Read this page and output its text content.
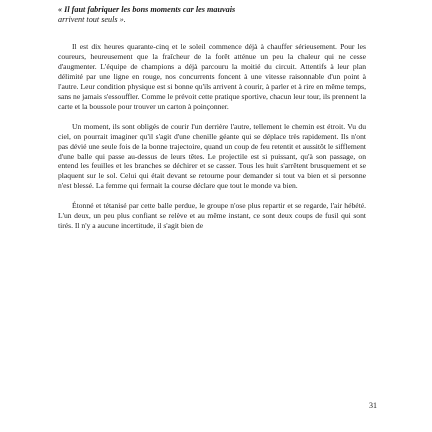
« Il faut fabriquer les bons moments car les mauvais

arrivent tout seuls ».

Il est dix heures quarante-cinq et le soleil commence déjà à chauffer sérieusement. Pour les coureurs, heureusement que la fraîcheur de la forêt atténue un peu la chaleur qui ne cesse d'augmenter. L'équipe de champions a déjà parcouru la moitié du circuit. Attentifs à leur plan délimité par une ligne en rouge, nos concurrents foncent à une vitesse raisonnable d'un point à l'autre. Leur condition physique est si bonne qu'ils arrivent à courir, à parler et à rire en même temps, sans ne jamais s'essouffler. Comme le prévoit cette pratique sportive, chacun leur tour, ils prennent la carte et la boussole pour trouver un carton à poinçonner.

Un moment, ils sont obligés de courir l'un derrière l'autre, tellement le chemin est étroit. Vu du ciel, on pourrait imaginer qu'il s'agit d'une chenille géante qui se déplace très rapidement. Ils n'ont pas dévié une seule fois de la bonne trajectoire, quand un coup de feu retentit et aussitôt le sifflement d'une balle qui passe au-dessus de leurs têtes. Le projectile est si puissant, qu'à son passage, on entend les feuilles et les branches se déchirer et se casser. Tous les huit s'arrêtent brusquement et se plaquent sur le sol. Celui qui était devant se retourne pour demander si tout va bien et si personne n'est blessé. La femme qui fermait la course déclare que tout le monde va bien.

Étonné et tétanisé par cette balle perdue, le groupe n'ose plus repartir et se regarde, l'air hébété. L'un deux, un peu plus confiant se relève et au même instant, ce sont deux coups de fusil qui sont tirés. Il n'y a aucune incertitude, il s'agit bien de

31
